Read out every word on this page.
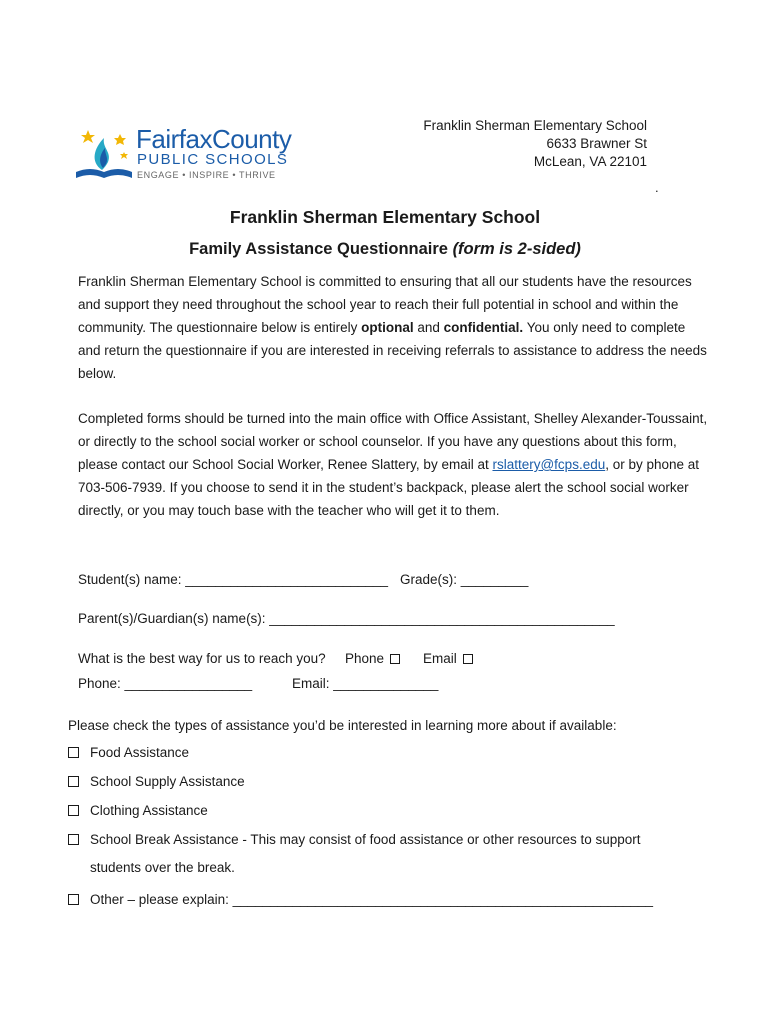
FairfaxCounty
PUBLIC SCHOOLS
ENGAGE • INSPIRE • THRIVE
Franklin Sherman Elementary School
6633 Brawner St
McLean, VA 22101
.
Franklin Sherman Elementary School
Family Assistance Questionnaire (form is 2-sided)
Franklin Sherman Elementary School is committed to ensuring that all our students have the resources and support they need throughout the school year to reach their full potential in school and within the community. The questionnaire below is entirely optional and confidential. You only need to complete and return the questionnaire if you are interested in receiving referrals to assistance to address the needs below.
Completed forms should be turned into the main office with Office Assistant, Shelley Alexander-Toussaint, or directly to the school social worker or school counselor. If you have any questions about this form, please contact our School Social Worker, Renee Slattery, by email at rslattery@fcps.edu, or by phone at 703-506-7939. If you choose to send it in the student’s backpack, please alert the school social worker directly, or you may touch base with the teacher who will get it to them.
Student(s) name: ___________________________ Grade(s): _________
Parent(s)/Guardian(s) name(s): ______________________________________________
What is the best way for us to reach you? Phone	Email
Phone: _________________	Email: ______________
Please check the types of assistance you’d be interested in learning more about if available:
Food Assistance
School Supply Assistance
Clothing Assistance
School Break Assistance - This may consist of food assistance or other resources to support
students over the break.
Other – please explain: ________________________________________________________
